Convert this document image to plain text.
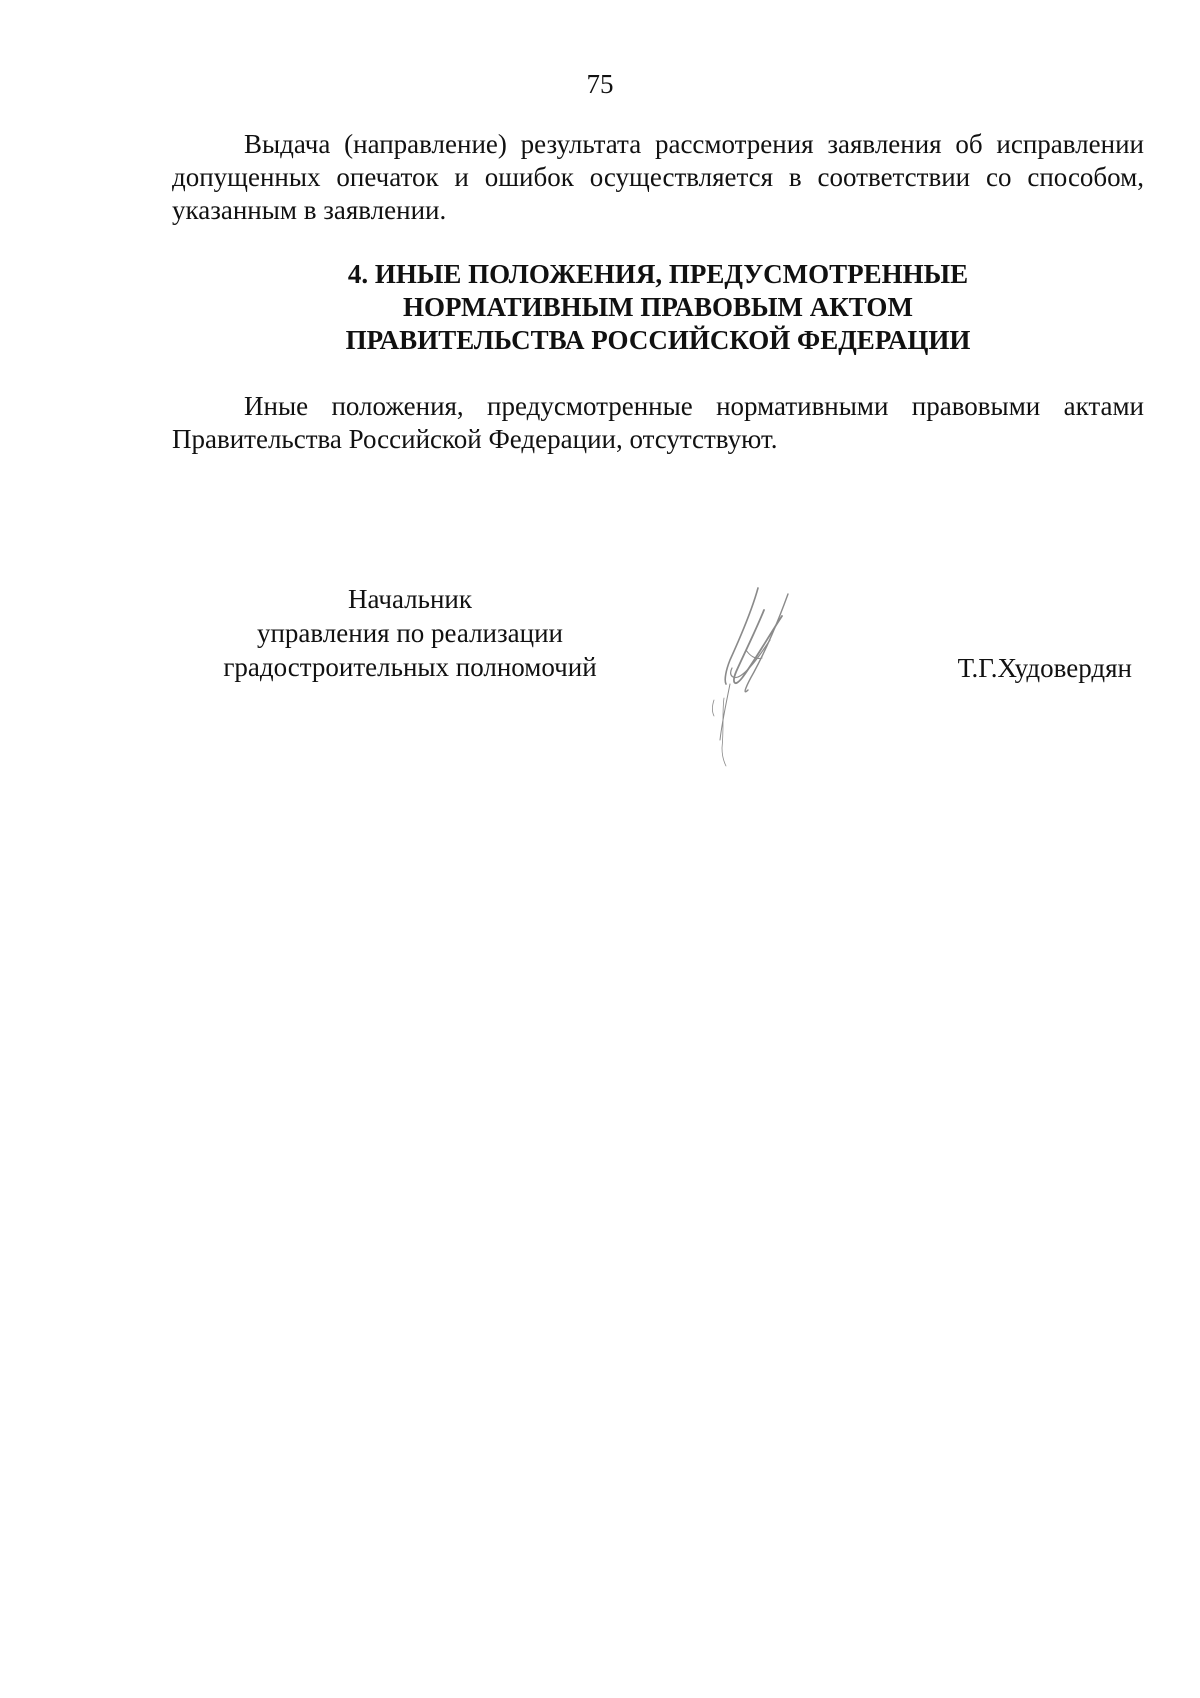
75

Выдача (направление) результата рассмотрения заявления об исправлении допущенных опечаток и ошибок осуществляется в соответствии со способом, указанным в заявлении.

4. ИНЫЕ ПОЛОЖЕНИЯ, ПРЕДУСМОТРЕННЫЕ
НОРМАТИВНЫМ ПРАВОВЫМ АКТОМ
ПРАВИТЕЛЬСТВА РОССИЙСКОЙ ФЕДЕРАЦИИ

Иные положения, предусмотренные нормативными правовыми актами Правительства Российской Федерации, отсутствуют.

Начальник
управления по реализации
градостроительных полномочий	Т.Г.Худовердян
